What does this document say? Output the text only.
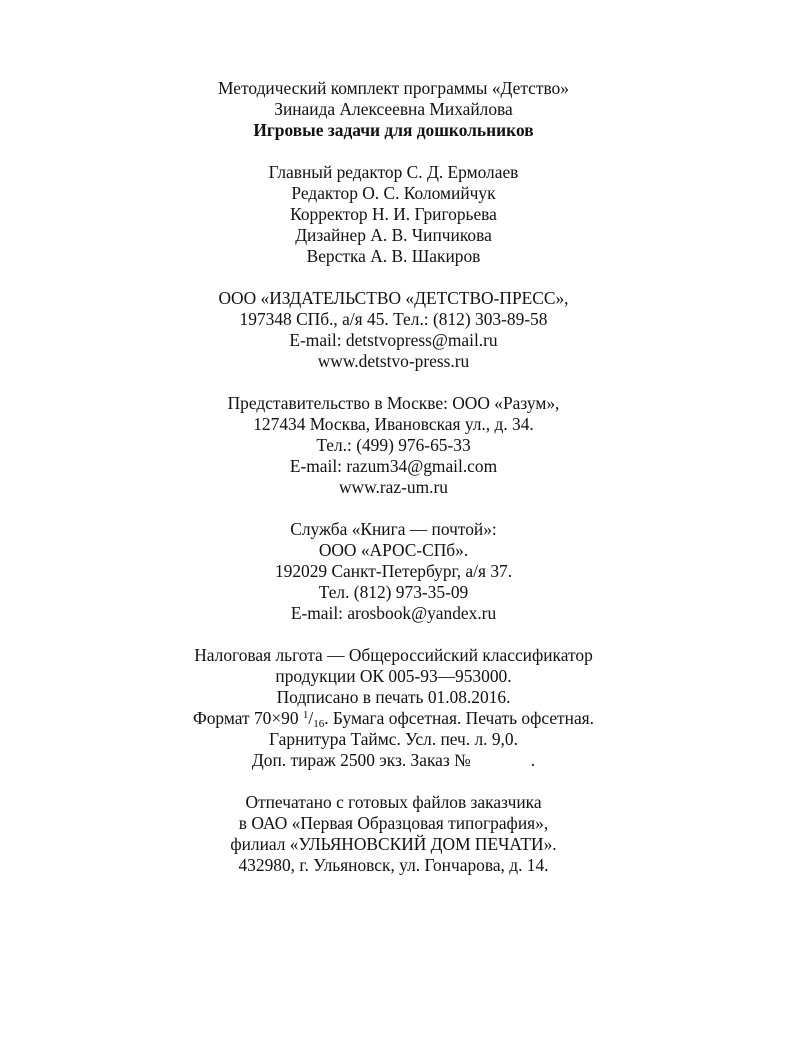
Методический комплект программы «Детство»
Зинаида Алексеевна Михайлова
Игровые задачи для дошкольников
Главный редактор С. Д. Ермолаев
Редактор О. С. Коломийчук
Корректор Н. И. Григорьева
Дизайнер А. В. Чипчикова
Верстка А. В. Шакиров
ООО «ИЗДАТЕЛЬСТВО «ДЕТСТВО-ПРЕСС»,
197348 СПб., а/я 45. Тел.: (812) 303-89-58
E-mail: detstvopress@mail.ru
www.detstvo-press.ru
Представительство в Москве: ООО «Разум»,
127434 Москва, Ивановская ул., д. 34.
Тел.: (499) 976-65-33
E-mail: razum34@gmail.com
www.raz-um.ru
Служба «Книга — почтой»:
ООО «АРОС-СПб».
192029 Санкт-Петербург, а/я 37.
Тел. (812) 973-35-09
E-mail: arosbook@yandex.ru
Налоговая льгота — Общероссийский классификатор
продукции ОК 005-93—953000.
Подписано в печать 01.08.2016.
Формат 70×90 $^1/_{16}$. Бумага офсетная. Печать офсетная.
Гарнитура Таймс. Усл. печ. л. 9,0.
Доп. тираж 2500 экз. Заказ №	.
Отпечатано с готовых файлов заказчика
в ОАО «Первая Образцовая типография»,
филиал «УЛЬЯНОВСКИЙ ДОМ ПЕЧАТИ».
432980, г. Ульяновск, ул. Гончарова, д. 14.
